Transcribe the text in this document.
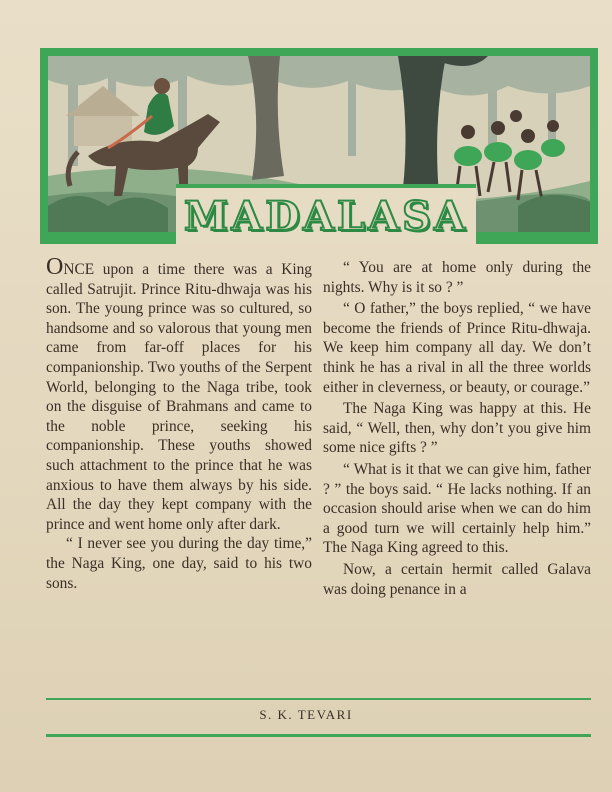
MADALASA

ONCE upon a time there was a King called Satrujit. Prince Ritu-dhwaja was his son. The young prince was so cultured, so handsome and so valorous that young men came from far-off places for his companionship. Two youths of the Serpent World, belonging to the Naga tribe, took on the disguise of Brahmans and came to the noble prince, seeking his companionship. These youths showed such attachment to the prince that he was anxious to have them always by his side. All the day they kept company with the prince and went home only after dark.

“ I never see you during the day time,” the Naga King, one day, said to his two sons.

“ You are at home only during the nights. Why is it so ? ”

“ O father,” the boys replied, “ we have become the friends of Prince Ritu-dhwaja. We keep him company all day. We don’t think he has a rival in all the three worlds either in cleverness, or beauty, or courage.”

The Naga King was happy at this. He said, “ Well, then, why don’t you give him some nice gifts ? ”

“ What is it that we can give him, father ? ” the boys said. “ He lacks nothing. If an occasion should arise when we can do him a good turn we will certainly help him.” The Naga King agreed to this.

Now, a certain hermit called Galava was doing penance in a

S. K. TEVARI
